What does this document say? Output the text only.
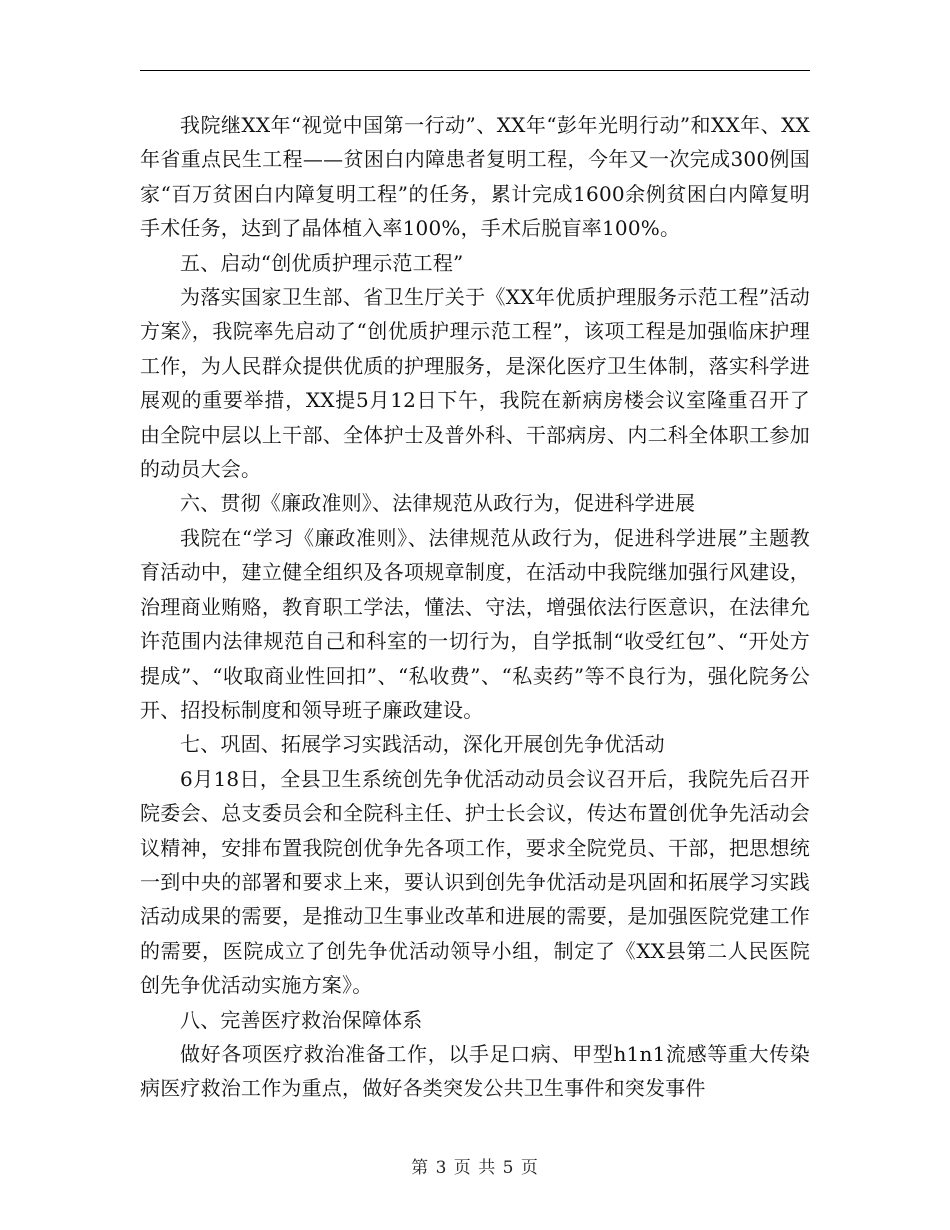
我院继XX年“视觉中国第一行动”、XX年“彭年光明行动”和XX年、XX年省重点民生工程——贫困白内障患者复明工程，今年又一次完成300例国家“百万贫困白内障复明工程”的任务，累计完成1600余例贫困白内障复明手术任务，达到了晶体植入率100%，手术后脱盲率100%。

五、启动“创优质护理示范工程”

为落实国家卫生部、省卫生厅关于《XX年优质护理服务示范工程”活动方案》，我院率先启动了“创优质护理示范工程”，该项工程是加强临床护理工作，为人民群众提供优质的护理服务，是深化医疗卫生体制，落实科学进展观的重要举措，XX提5月12日下午，我院在新病房楼会议室隆重召开了由全院中层以上干部、全体护士及普外科、干部病房、内二科全体职工参加的动员大会。

六、贯彻《廉政准则》、法律规范从政行为，促进科学进展

我院在“学习《廉政准则》、法律规范从政行为，促进科学进展”主题教育活动中，建立健全组织及各项规章制度，在活动中我院继加强行风建设，治理商业贿赂，教育职工学法，懂法、守法，增强依法行医意识，在法律允许范围内法律规范自己和科室的一切行为，自学抵制“收受红包”、“开处方提成”、“收取商业性回扣”、“私收费”、“私卖药”等不良行为，强化院务公开、招投标制度和领导班子廉政建设。

七、巩固、拓展学习实践活动，深化开展创先争优活动

6月18日，全县卫生系统创先争优活动动员会议召开后，我院先后召开院委会、总支委员会和全院科主任、护士长会议，传达布置创优争先活动会议精神，安排布置我院创优争先各项工作，要求全院党员、干部，把思想统一到中央的部署和要求上来，要认识到创先争优活动是巩固和拓展学习实践活动成果的需要，是推动卫生事业改革和进展的需要，是加强医院党建工作的需要，医院成立了创先争优活动领导小组，制定了《XX县第二人民医院创先争优活动实施方案》。

八、完善医疗救治保障体系

做好各项医疗救治准备工作，以手足口病、甲型h1n1流感等重大传染病医疗救治工作为重点，做好各类突发公共卫生事件和突发事件

第 3 页 共 5 页
